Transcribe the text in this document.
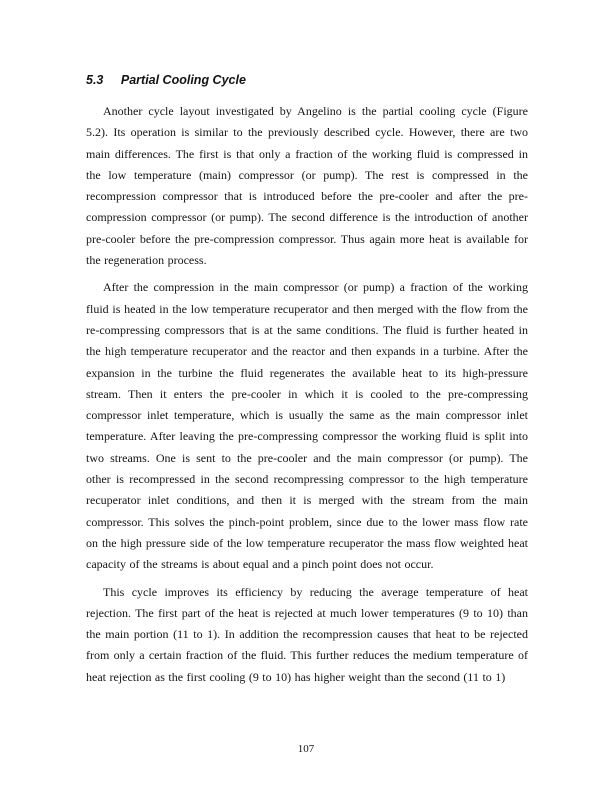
5.3 Partial Cooling Cycle
Another cycle layout investigated by Angelino is the partial cooling cycle (Figure
5.2). Its operation is similar to the previously described cycle. However, there are two
main differences. The first is that only a fraction of the working fluid is compressed in
the low temperature (main) compressor (or pump). The rest is compressed in the
recompression compressor that is introduced before the pre-cooler and after the pre-
compression compressor (or pump). The second difference is the introduction of another
pre-cooler before the pre-compression compressor. Thus again more heat is available for
the regeneration process.
After the compression in the main compressor (or pump) a fraction of the working
fluid is heated in the low temperature recuperator and then merged with the flow from the
re-compressing compressors that is at the same conditions. The fluid is further heated in
the high temperature recuperator and the reactor and then expands in a turbine. After the
expansion in the turbine the fluid regenerates the available heat to its high-pressure
stream. Then it enters the pre-cooler in which it is cooled to the pre-compressing
compressor inlet temperature, which is usually the same as the main compressor inlet
temperature. After leaving the pre-compressing compressor the working fluid is split into
two streams. One is sent to the pre-cooler and the main compressor (or pump). The
other is recompressed in the second recompressing compressor to the high temperature
recuperator inlet conditions, and then it is merged with the stream from the main
compressor. This solves the pinch-point problem, since due to the lower mass flow rate
on the high pressure side of the low temperature recuperator the mass flow weighted heat
capacity of the streams is about equal and a pinch point does not occur.
This cycle improves its efficiency by reducing the average temperature of heat
rejection. The first part of the heat is rejected at much lower temperatures (9 to 10) than
the main portion (11 to 1). In addition the recompression causes that heat to be rejected
from only a certain fraction of the fluid. This further reduces the medium temperature of
heat rejection as the first cooling (9 to 10) has higher weight than the second (11 to 1)
107
